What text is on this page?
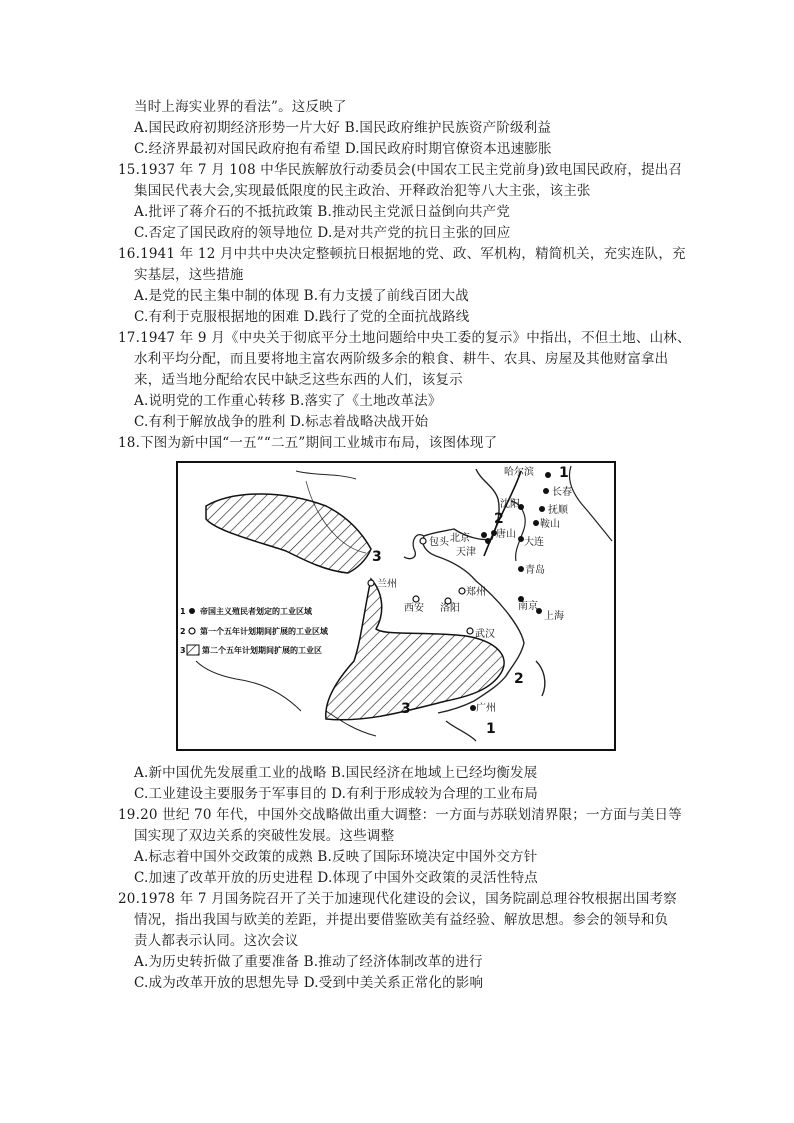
当时上海实业界的看法”。这反映了
A.国民政府初期经济形势一片大好 B.国民政府维护民族资产阶级利益
C.经济界最初对国民政府抱有希望 D.国民政府时期官僚资本迅速膨胀
15.1937 年 7 月 108 中华民族解放行动委员会(中国农工民主党前身)致电国民政府，提出召
集国民代表大会,实现最低限度的民主政治、开释政治犯等八大主张，该主张
A.批评了蒋介石的不抵抗政策 B.推动民主党派日益倒向共产党
C.否定了国民政府的领导地位 D.是对共产党的抗日主张的回应
16.1941 年 12 月中共中央决定整顿抗日根据地的党、政、军机构，精简机关，充实连队，充
实基层，这些措施
A.是党的民主集中制的体现 B.有力支援了前线百团大战
C.有利于克服根据地的困难 D.践行了党的全面抗战路线
17.1947 年 9 月《中央关于彻底平分土地问题给中央工委的复示》中指出，不但土地、山林、
水利平均分配，而且要将地主富农两阶级多余的粮食、耕牛、农具、房屋及其他财富拿出
来，适当地分配给农民中缺乏这些东西的人们，该复示
A.说明党的工作重心转移 B.落实了《土地改革法》
C.有利于解放战争的胜利 D.标志着战略决战开始
18.下图为新中国“一五”“二五”期间工业城市布局，该图体现了
哈尔滨
长春
沈阳
抚顺
鞍山
北京	唐山
天津
大连
包头
青岛
兰州
郑州
西安 洛阳	南京
上海
武汉
广州
1
2
3
3
2
1
1 帝国主义殖民者划定的工业区域
2 第一个五年计划期间扩展的工业区域
3 第二个五年计划期间扩展的工业区
A.新中国优先发展重工业的战略 B.国民经济在地域上已经均衡发展
C.工业建设主要服务于军事目的 D.有利于形成较为合理的工业布局
19.20 世纪 70 年代，中国外交战略做出重大调整：一方面与苏联划清界限；一方面与美日等
国实现了双边关系的突破性发展。这些调整
A.标志着中国外交政策的成熟 B.反映了国际环境决定中国外交方针
C.加速了改革开放的历史进程 D.体现了中国外交政策的灵活性特点
20.1978 年 7 月国务院召开了关于加速现代化建设的会议，国务院副总理谷牧根据出国考察
情况，指出我国与欧美的差距，并提出要借鉴欧美有益经验、解放思想。参会的领导和负
责人都表示认同。这次会议
A.为历史转折做了重要准备 B.推动了经济体制改革的进行
C.成为改革开放的思想先导 D.受到中美关系正常化的影响
